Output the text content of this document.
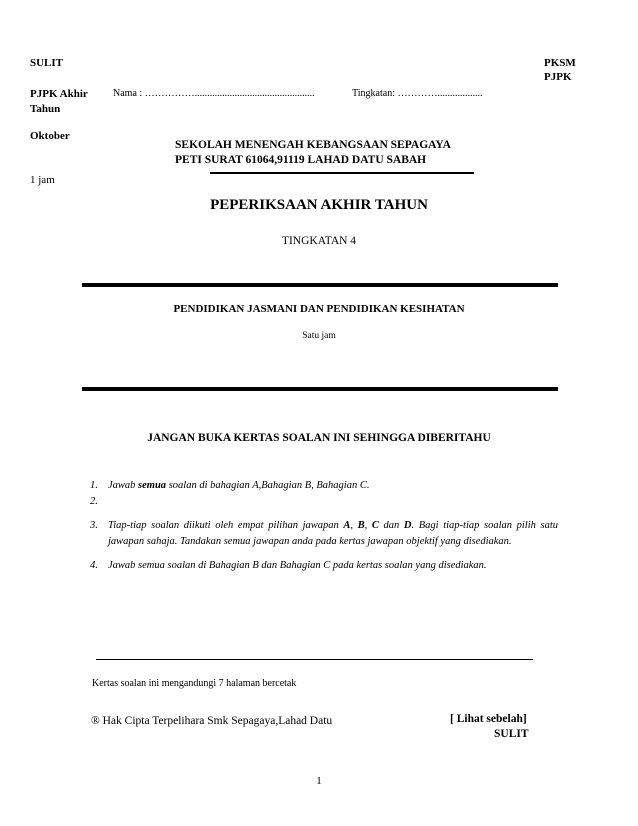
SULIT
PJPK Akhir Tahun
Oktober
1 jam
PKSM
PJPK
Nama : ……………................................................	Tingkatan: …………..................
SEKOLAH MENENGAH KEBANGSAAN SEPAGAYA
PETI SURAT 61064,91119 LAHAD DATU SABAH
PEPERIKSAAN AKHIR TAHUN
TINGKATAN 4
PENDIDIKAN JASMANI DAN PENDIDIKAN KESIHATAN
Satu jam
JANGAN BUKA KERTAS SOALAN INI SEHINGGA DIBERITAHU
1. Jawab semua soalan di bahagian A,Bahagian B, Bahagian C.
2.
3. Tiap-tiap soalan diikuti oleh empat pilihan jawapan A, B, C dan D. Bagi tiap-tiap soalan pilih satu jawapan sahaja. Tandakan semua jawapan anda pada kertas jawapan objektif yang disediakan.
4. Jawab semua soalan di Bahagian B dan Bahagian C pada kertas soalan yang disediakan.
Kertas soalan ini mengandungi 7 halaman bercetak
® Hak Cipta Terpelihara Smk Sepagaya,Lahad Datu	[ Lihat sebelah]
SULIT
1
